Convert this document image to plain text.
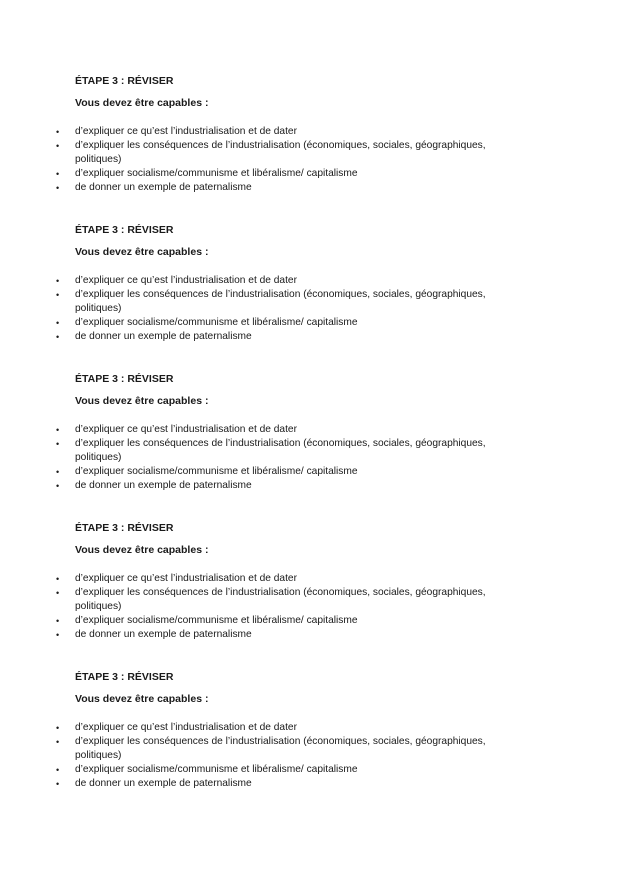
ÉTAPE 3 : RÉVISER
Vous devez être capables :
• d’expliquer ce qu’est l’industrialisation et de dater
• d’expliquer les conséquences de l’industrialisation (économiques, sociales, géographiques, politiques)
• d’expliquer socialisme/communisme et libéralisme/ capitalisme
• de donner un exemple de paternalisme
ÉTAPE 3 : RÉVISER
Vous devez être capables :
• d’expliquer ce qu’est l’industrialisation et de dater
• d’expliquer les conséquences de l’industrialisation (économiques, sociales, géographiques, politiques)
• d’expliquer socialisme/communisme et libéralisme/ capitalisme
• de donner un exemple de paternalisme
ÉTAPE 3 : RÉVISER
Vous devez être capables :
• d’expliquer ce qu’est l’industrialisation et de dater
• d’expliquer les conséquences de l’industrialisation (économiques, sociales, géographiques, politiques)
• d’expliquer socialisme/communisme et libéralisme/ capitalisme
• de donner un exemple de paternalisme
ÉTAPE 3 : RÉVISER
Vous devez être capables :
• d’expliquer ce qu’est l’industrialisation et de dater
• d’expliquer les conséquences de l’industrialisation (économiques, sociales, géographiques, politiques)
• d’expliquer socialisme/communisme et libéralisme/ capitalisme
• de donner un exemple de paternalisme
ÉTAPE 3 : RÉVISER
Vous devez être capables :
• d’expliquer ce qu’est l’industrialisation et de dater
• d’expliquer les conséquences de l’industrialisation (économiques, sociales, géographiques, politiques)
• d’expliquer socialisme/communisme et libéralisme/ capitalisme
• de donner un exemple de paternalisme
